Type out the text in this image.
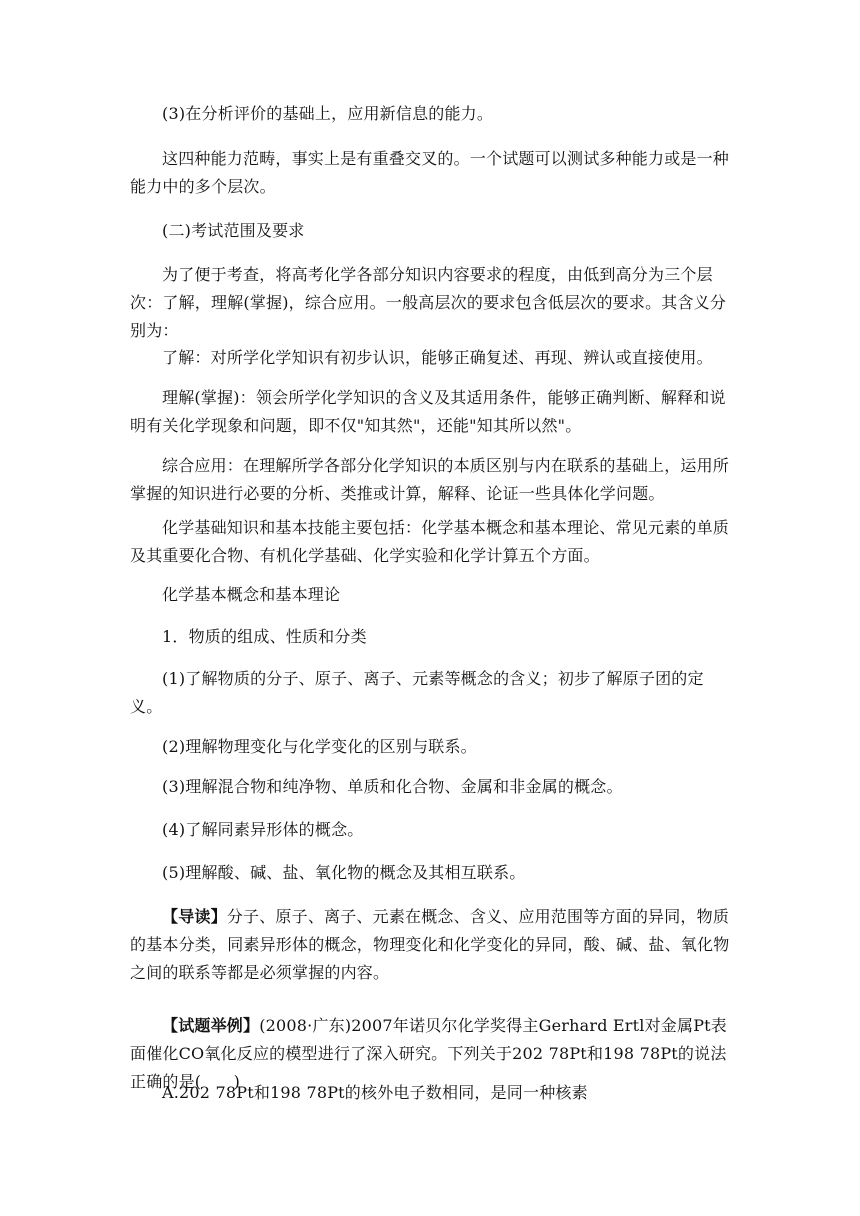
(3)在分析评价的基础上，应用新信息的能力。

这四种能力范畴，事实上是有重叠交叉的。一个试题可以测试多种能力或是一种能力中的多个层次。

(二)考试范围及要求

为了便于考查，将高考化学各部分知识内容要求的程度，由低到高分为三个层次：了解，理解(掌握)，综合应用。一般高层次的要求包含低层次的要求。其含义分别为：

了解：对所学化学知识有初步认识，能够正确复述、再现、辨认或直接使用。

理解(掌握)：领会所学化学知识的含义及其适用条件，能够正确判断、解释和说明有关化学现象和问题，即不仅"知其然"，还能"知其所以然"。

综合应用：在理解所学各部分化学知识的本质区别与内在联系的基础上，运用所掌握的知识进行必要的分析、类推或计算，解释、论证一些具体化学问题。

化学基础知识和基本技能主要包括：化学基本概念和基本理论、常见元素的单质及其重要化合物、有机化学基础、化学实验和化学计算五个方面。

化学基本概念和基本理论

1．物质的组成、性质和分类

(1)了解物质的分子、原子、离子、元素等概念的含义；初步了解原子团的定义。

(2)理解物理变化与化学变化的区别与联系。

(3)理解混合物和纯净物、单质和化合物、金属和非金属的概念。

(4)了解同素异形体的概念。

(5)理解酸、碱、盐、氧化物的概念及其相互联系。

【导读】分子、原子、离子、元素在概念、含义、应用范围等方面的异同，物质的基本分类，同素异形体的概念，物理变化和化学变化的异同，酸、碱、盐、氧化物之间的联系等都是必须掌握的内容。

【试题举例】(2008·广东)2007年诺贝尔化学奖得主Gerhard Ertl对金属Pt表面催化CO氧化反应的模型进行了深入研究。下列关于202 78Pt和198 78Pt的说法正确的是(　　)

A.202 78Pt和198 78Pt的核外电子数相同，是同一种核素
